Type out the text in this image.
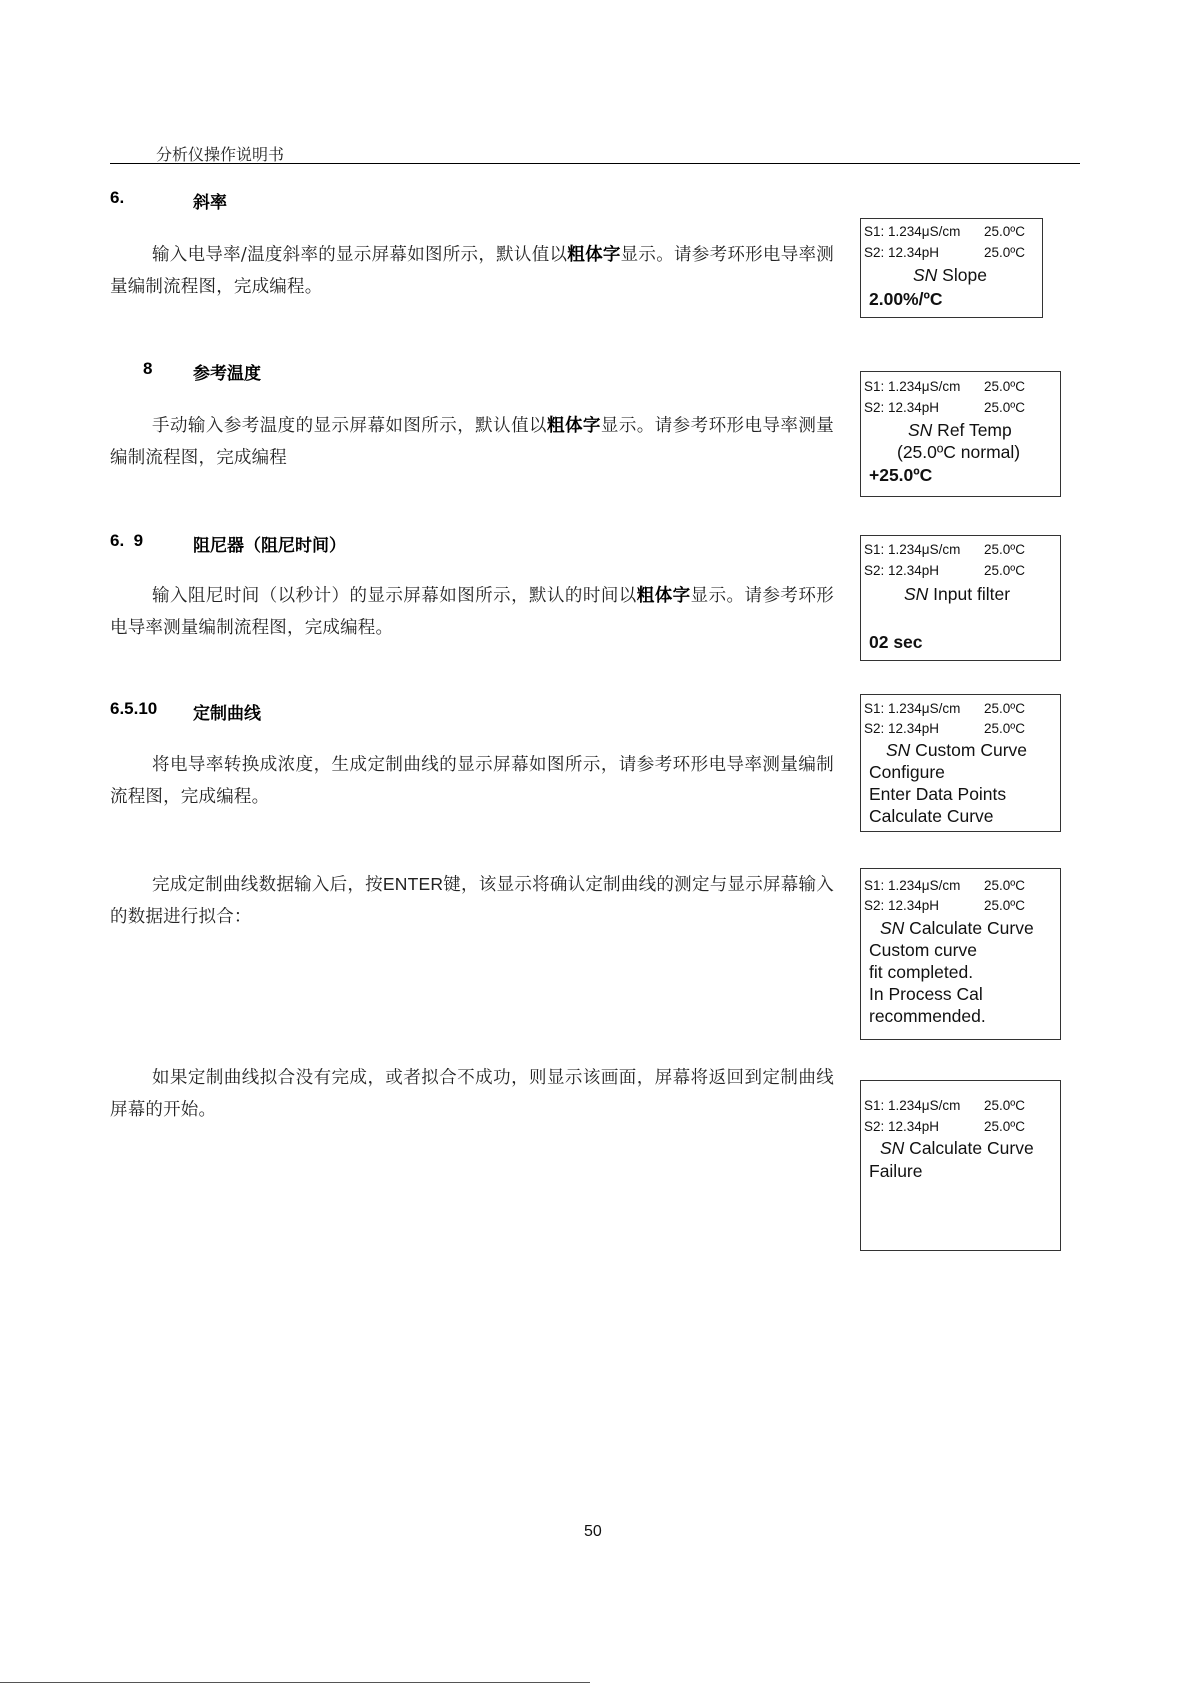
分析仪操作说明书
6.	斜率
输入电导率/温度斜率的显示屏幕如图所示，默认值以粗体字显示。请参考环形电导率测量编制流程图，完成编程。
S1: 1.234μS/cm 25.0ºC
S2: 12.34pH	25.0ºC
SN Slope
2.00%/ºC
8 参考温度
手动输入参考温度的显示屏幕如图所示，默认值以粗体字显示。请参考环形电导率测量编制流程图，完成编程
S1: 1.234μS/cm 25.0ºC
S2: 12.34pH	25.0ºC
SN Ref Temp
(25.0ºC normal)
+25.0ºC
6.  9	阻尼器（阻尼时间）
输入阻尼时间（以秒计）的显示屏幕如图所示，默认的时间以粗体字显示。请参考环形电导率测量编制流程图，完成编程。
S1: 1.234μS/cm 25.0ºC
S2: 12.34pH	25.0ºC
SN Input filter
02 sec
6.5.10 定制曲线
将电导率转换成浓度，生成定制曲线的显示屏幕如图所示，请参考环形电导率测量编制流程图，完成编程。
S1: 1.234μS/cm 25.0ºC
S2: 12.34pH	25.0ºC
SN Custom Curve
Configure
Enter Data Points
Calculate Curve
完成定制曲线数据输入后，按ENTER键，该显示将确认定制曲线的测定与显示屏幕输入的数据进行拟合：
S1: 1.234μS/cm 25.0ºC
S2: 12.34pH	25.0ºC
SN Calculate Curve
Custom curve
fit completed.
In Process Cal
recommended.
如果定制曲线拟合没有完成，或者拟合不成功，则显示该画面，屏幕将返回到定制曲线屏幕的开始。	S1: 1.234μS/cm 25.0ºC
S2: 12.34pH	25.0ºC
SN Calculate Curve
Failure
50
